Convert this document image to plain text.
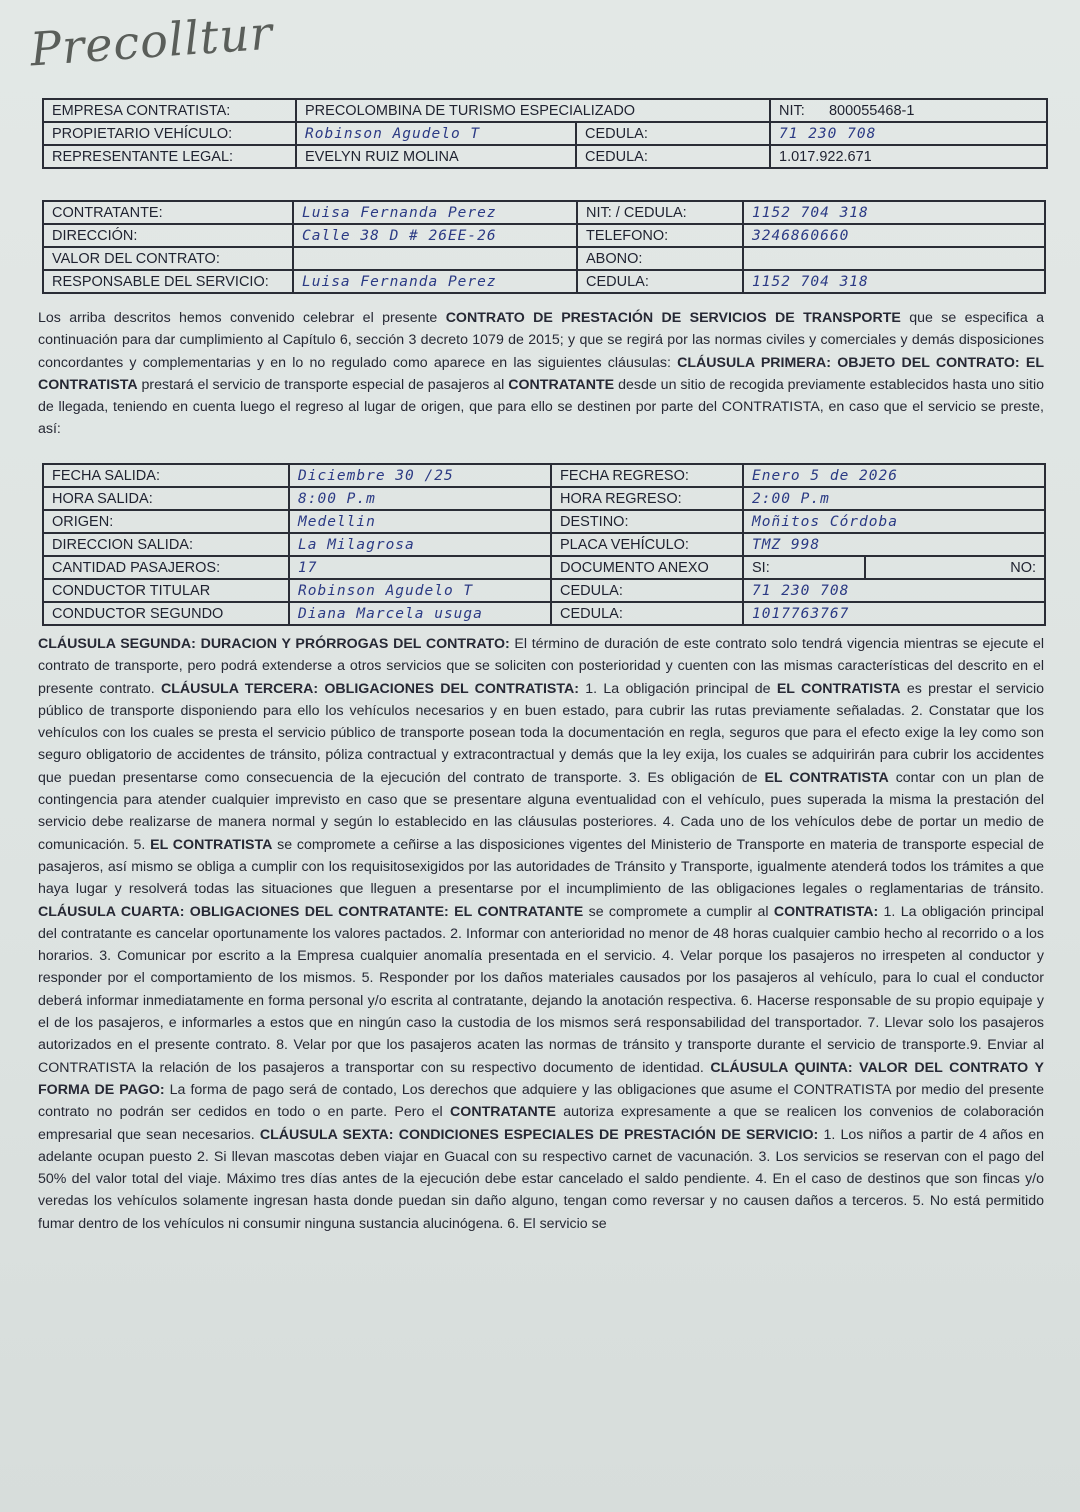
Precolltur
EMPRESA CONTRATISTA:	PRECOLOMBINA DE TURISMO ESPECIALIZADO		NIT: 800055468-1
PROPIETARIO VEHÍCULO:	Robinson Agudelo T	CEDULA:	71 230 708
REPRESENTANTE LEGAL:	EVELYN RUIZ MOLINA	CEDULA:	1.017.922.671
CONTRATANTE:	Luisa Fernanda Perez	NIT: / CEDULA:	1152 704 318
DIRECCIÓN:	Calle 38 D # 26EE-26	TELEFONO:	3246860660
VALOR DEL CONTRATO:		ABONO:	
RESPONSABLE DEL SERVICIO:	Luisa Fernanda Perez	CEDULA:	1152 704 318
Los arriba descritos hemos convenido celebrar el presente CONTRATO DE PRESTACIÓN DE SERVICIOS DE TRANSPORTE que se especifica a continuación para dar cumplimiento al Capítulo 6, sección 3 decreto 1079 de 2015; y que se regirá por las normas civiles y comerciales y demás disposiciones concordantes y complementarias y en lo no regulado como aparece en las siguientes cláusulas: CLÁUSULA PRIMERA: OBJETO DEL CONTRATO: EL CONTRATISTA prestará el servicio de transporte especial de pasajeros al CONTRATANTE desde un sitio de recogida previamente establecidos hasta uno sitio de llegada, teniendo en cuenta luego el regreso al lugar de origen, que para ello se destinen por parte del CONTRATISTA, en caso que el servicio se preste, así:
FECHA SALIDA:	Diciembre 30 /25	FECHA REGRESO:	Enero 5 de 2026	
HORA SALIDA:	8:00 P.m	HORA REGRESO:	2:00 P.m	
ORIGEN:	Medellin	DESTINO:	Moñitos Córdoba	
DIRECCION SALIDA:	La Milagrosa	PLACA VEHÍCULO:	TMZ 998	
CANTIDAD PASAJEROS:	17	DOCUMENTO ANEXO	SI:	NO:
CONDUCTOR TITULAR	Robinson Agudelo T	CEDULA:	71 230 708	
CONDUCTOR SEGUNDO	Diana Marcela usuga	CEDULA:	1017763767	
CLÁUSULA SEGUNDA: DURACION Y PRÓRROGAS DEL CONTRATO: El término de duración de este contrato solo tendrá vigencia mientras se ejecute el contrato de transporte, pero podrá extenderse a otros servicios que se soliciten con posterioridad y cuenten con las mismas características del descrito en el presente contrato. CLÁUSULA TERCERA: OBLIGACIONES DEL CONTRATISTA: 1. La obligación principal de EL CONTRATISTA es prestar el servicio público de transporte disponiendo para ello los vehículos necesarios y en buen estado, para cubrir las rutas previamente señaladas. 2. Constatar que los vehículos con los cuales se presta el servicio público de transporte posean toda la documentación en regla, seguros que para el efecto exige la ley como son seguro obligatorio de accidentes de tránsito, póliza contractual y extracontractual y demás que la ley exija, los cuales se adquirirán para cubrir los accidentes que puedan presentarse como consecuencia de la ejecución del contrato de transporte. 3. Es obligación de EL CONTRATISTA contar con un plan de contingencia para atender cualquier imprevisto en caso que se presentare alguna eventualidad con el vehículo, pues superada la misma la prestación del servicio debe realizarse de manera normal y según lo establecido en las cláusulas posteriores. 4. Cada uno de los vehículos debe de portar un medio de comunicación. 5. EL CONTRATISTA se compromete a ceñirse a las disposiciones vigentes del Ministerio de Transporte en materia de transporte especial de pasajeros, así mismo se obliga a cumplir con los requisitosexigidos por las autoridades de Tránsito y Transporte, igualmente atenderá todos los trámites a que haya lugar y resolverá todas las situaciones que lleguen a presentarse por el incumplimiento de las obligaciones legales o reglamentarias de tránsito. CLÁUSULA CUARTA: OBLIGACIONES DEL CONTRATANTE: EL CONTRATANTE se compromete a cumplir al CONTRATISTA: 1. La obligación principal del contratante es cancelar oportunamente los valores pactados. 2. Informar con anterioridad no menor de 48 horas cualquier cambio hecho al recorrido o a los horarios. 3. Comunicar por escrito a la Empresa cualquier anomalía presentada en el servicio. 4. Velar porque los pasajeros no irrespeten al conductor y responder por el comportamiento de los mismos. 5. Responder por los daños materiales causados por los pasajeros al vehículo, para lo cual el conductor deberá informar inmediatamente en forma personal y/o escrita al contratante, dejando la anotación respectiva. 6. Hacerse responsable de su propio equipaje y el de los pasajeros, e informarles a estos que en ningún caso la custodia de los mismos será responsabilidad del transportador. 7. Llevar solo los pasajeros autorizados en el presente contrato. 8. Velar por que los pasajeros acaten las normas de tránsito y transporte durante el servicio de transporte.9. Enviar al CONTRATISTA la relación de los pasajeros a transportar con su respectivo documento de identidad. CLÁUSULA QUINTA: VALOR DEL CONTRATO Y FORMA DE PAGO: La forma de pago será de contado, Los derechos que adquiere y las obligaciones que asume el CONTRATISTA por medio del presente contrato no podrán ser cedidos en todo o en parte. Pero el CONTRATANTE autoriza expresamente a que se realicen los convenios de colaboración empresarial que sean necesarios. CLÁUSULA SEXTA: CONDICIONES ESPECIALES DE PRESTACIÓN DE SERVICIO: 1. Los niños a partir de 4 años en adelante ocupan puesto 2. Si llevan mascotas deben viajar en Guacal con su respectivo carnet de vacunación. 3. Los servicios se reservan con el pago del 50% del valor total del viaje. Máximo tres días antes de la ejecución debe estar cancelado el saldo pendiente. 4. En el caso de destinos que son fincas y/o veredas los vehículos solamente ingresan hasta donde puedan sin daño alguno, tengan como reversar y no causen daños a terceros. 5. No está permitido fumar dentro de los vehículos ni consumir ninguna sustancia alucinógena. 6. El servicio se
